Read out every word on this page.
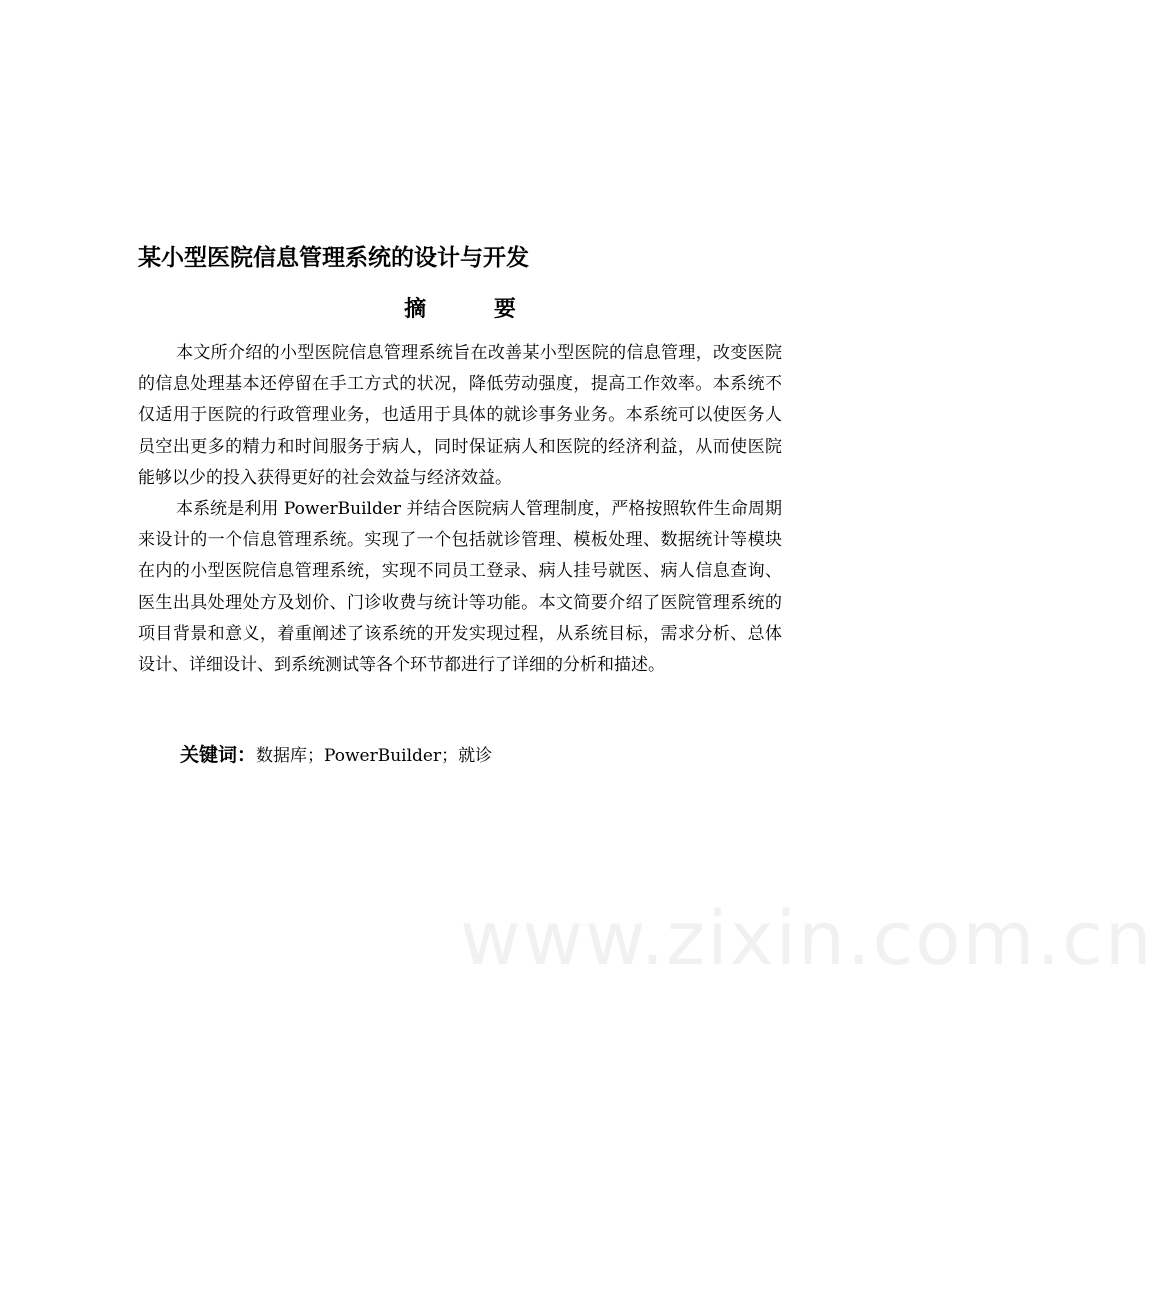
某小型医院信息管理系统的设计与开发
摘 要

本文所介绍的小型医院信息管理系统旨在改善某小型医院的信息管理，改变医院的信息处理基本还停留在手工方式的状况，降低劳动强度，提高工作效率。本系统不仅适用于医院的行政管理业务，也适用于具体的就诊事务业务。本系统可以使医务人员空出更多的精力和时间服务于病人，同时保证病人和医院的经济利益，从而使医院能够以少的投入获得更好的社会效益与经济效益。

本系统是利用 PowerBuilder 并结合医院病人管理制度，严格按照软件生命周期来设计的一个信息管理系统。实现了一个包括就诊管理、模板处理、数据统计等模块在内的小型医院信息管理系统，实现不同员工登录、病人挂号就医、病人信息查询、医生出具处理处方及划价、门诊收费与统计等功能。本文简要介绍了医院管理系统的项目背景和意义，着重阐述了该系统的开发实现过程，从系统目标，需求分析、总体设计、详细设计、到系统测试等各个环节都进行了详细的分析和描述。

关键词：数据库；PowerBuilder；就诊
www.zixin.com.cn
